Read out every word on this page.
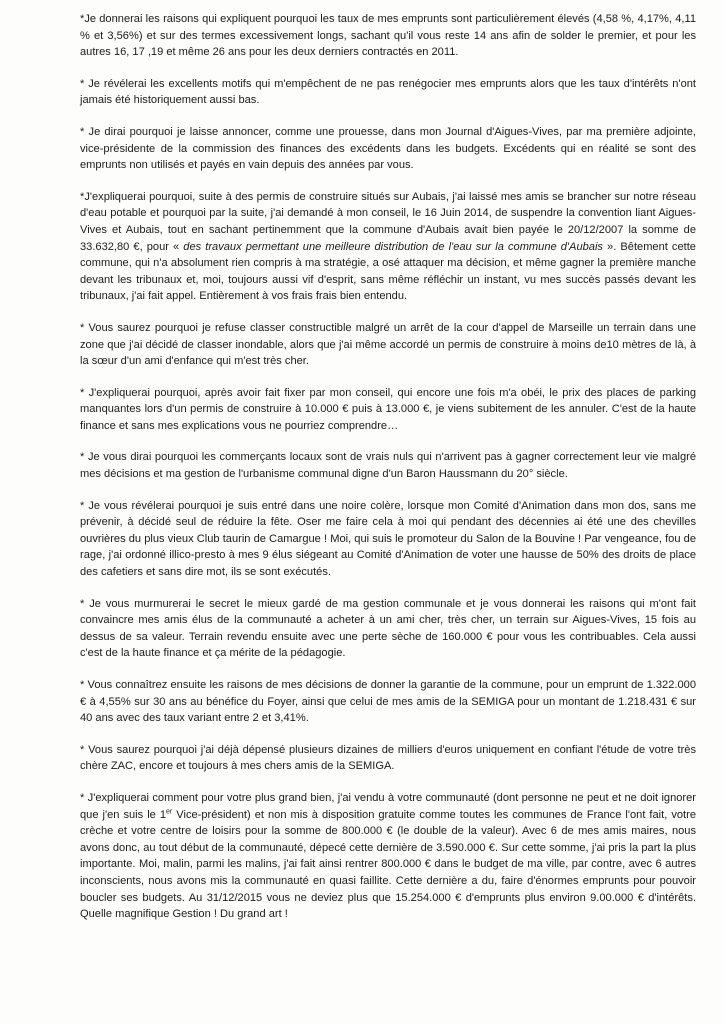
*Je donnerai les raisons qui expliquent pourquoi les taux de mes emprunts sont particulièrement élevés (4,58 %, 4,17%, 4,11 % et 3,56%) et sur des termes excessivement longs, sachant qu'il vous reste 14 ans afin de solder le premier, et pour les autres 16, 17 ,19 et même 26 ans pour les deux derniers contractés en 2011.

* Je révélerai les excellents motifs qui m'empêchent de ne pas renégocier mes emprunts alors que les taux d'intérêts n'ont jamais été historiquement aussi bas.

* Je dirai pourquoi je laisse annoncer, comme une prouesse, dans mon Journal d'Aigues-Vives, par ma première adjointe, vice-présidente de la commission des finances des excédents dans les budgets. Excédents qui en réalité se sont des emprunts non utilisés et payés en vain depuis des années par vous.

*J'expliquerai pourquoi, suite à des permis de construire situés sur Aubais, j'ai laissé mes amis se brancher sur notre réseau d'eau potable et pourquoi par la suite, j'ai demandé à mon conseil, le 16 Juin 2014, de suspendre la convention liant Aigues-Vives et Aubais, tout en sachant pertinemment que la commune d'Aubais avait bien payée le 20/12/2007 la somme de 33.632,80 €, pour « des travaux permettant une meilleure distribution de l'eau sur la commune d'Aubais ». Bêtement cette commune, qui n'a absolument rien compris à ma stratégie, a osé attaquer ma décision, et même gagner la première manche devant les tribunaux et, moi, toujours aussi vif d'esprit, sans même réfléchir un instant, vu mes succès passés devant les tribunaux, j'ai fait appel. Entièrement à vos frais frais bien entendu.

* Vous saurez pourquoi je refuse classer constructible malgré un arrêt de la cour d'appel de Marseille un terrain dans une zone que j'ai décidé de classer inondable, alors que j'ai même accordé un permis de construire à moins de10 mètres de là, à la sœur d'un ami d'enfance qui m'est très cher.

* J'expliquerai pourquoi, après avoir fait fixer par mon conseil, qui encore une fois m'a obéi, le prix des places de parking manquantes lors d'un permis de construire à 10.000 € puis à 13.000 €, je viens subitement de les annuler. C'est de la haute finance et sans mes explications vous ne pourriez comprendre…

* Je vous dirai pourquoi les commerçants locaux sont de vrais nuls qui n'arrivent pas à gagner correctement leur vie malgré mes décisions et ma gestion de l'urbanisme communal digne d'un Baron Haussmann du 20° siècle.

* Je vous révélerai pourquoi je suis entré dans une noire colère, lorsque mon Comité d'Animation dans mon dos, sans me prévenir, à décidé seul de réduire la fête. Oser me faire cela à moi qui pendant des décennies ai été une des chevilles ouvrières du plus vieux Club taurin de Camargue ! Moi, qui suis le promoteur du Salon de la Bouvine ! Par vengeance, fou de rage, j'ai ordonné illico-presto à mes 9 élus siégeant au Comité d'Animation de voter une hausse de 50% des droits de place des cafetiers et sans dire mot, ils se sont exécutés.

* Je vous murmurerai le secret le mieux gardé de ma gestion communale et je vous donnerai les raisons qui m'ont fait convaincre mes amis élus de la communauté a acheter à un ami cher, très cher, un terrain sur Aigues-Vives, 15 fois au dessus de sa valeur. Terrain revendu ensuite avec une perte sèche de 160.000 € pour vous les contribuables. Cela aussi c'est de la haute finance et ça mérite de la pédagogie.

* Vous connaîtrez ensuite les raisons de mes décisions de donner la garantie de la commune, pour un emprunt de 1.322.000 € à 4,55% sur 30 ans au bénéfice du Foyer, ainsi que celui de mes amis de la SEMIGA pour un montant de 1.218.431 € sur 40 ans avec des taux variant entre 2 et 3,41%.

* Vous saurez pourquoi j'ai déjà dépensé plusieurs dizaines de milliers d'euros uniquement en confiant l'étude de votre très chère ZAC, encore et toujours à mes chers amis de la SEMIGA.

* J'expliquerai comment pour votre plus grand bien, j'ai vendu à votre communauté (dont personne ne peut et ne doit ignorer que j'en suis le 1er Vice-président) et non mis à disposition gratuite comme toutes les communes de France l'ont fait, votre crèche et votre centre de loisirs pour la somme de 800.000 € (le double de la valeur). Avec 6 de mes amis maires, nous avons donc, au tout début de la communauté, dépecé cette dernière de 3.590.000 €. Sur cette somme, j'ai pris la part la plus importante. Moi, malin, parmi les malins, j'ai fait ainsi rentrer 800.000 € dans le budget de ma ville, par contre, avec 6 autres inconscients, nous avons mis la communauté en quasi faillite. Cette dernière a du, faire d'énormes emprunts pour pouvoir boucler ses budgets. Au 31/12/2015 vous ne deviez plus que 15.254.000 € d'emprunts plus environ 9.00.000 € d'intérêts. Quelle magnifique Gestion ! Du grand art !
